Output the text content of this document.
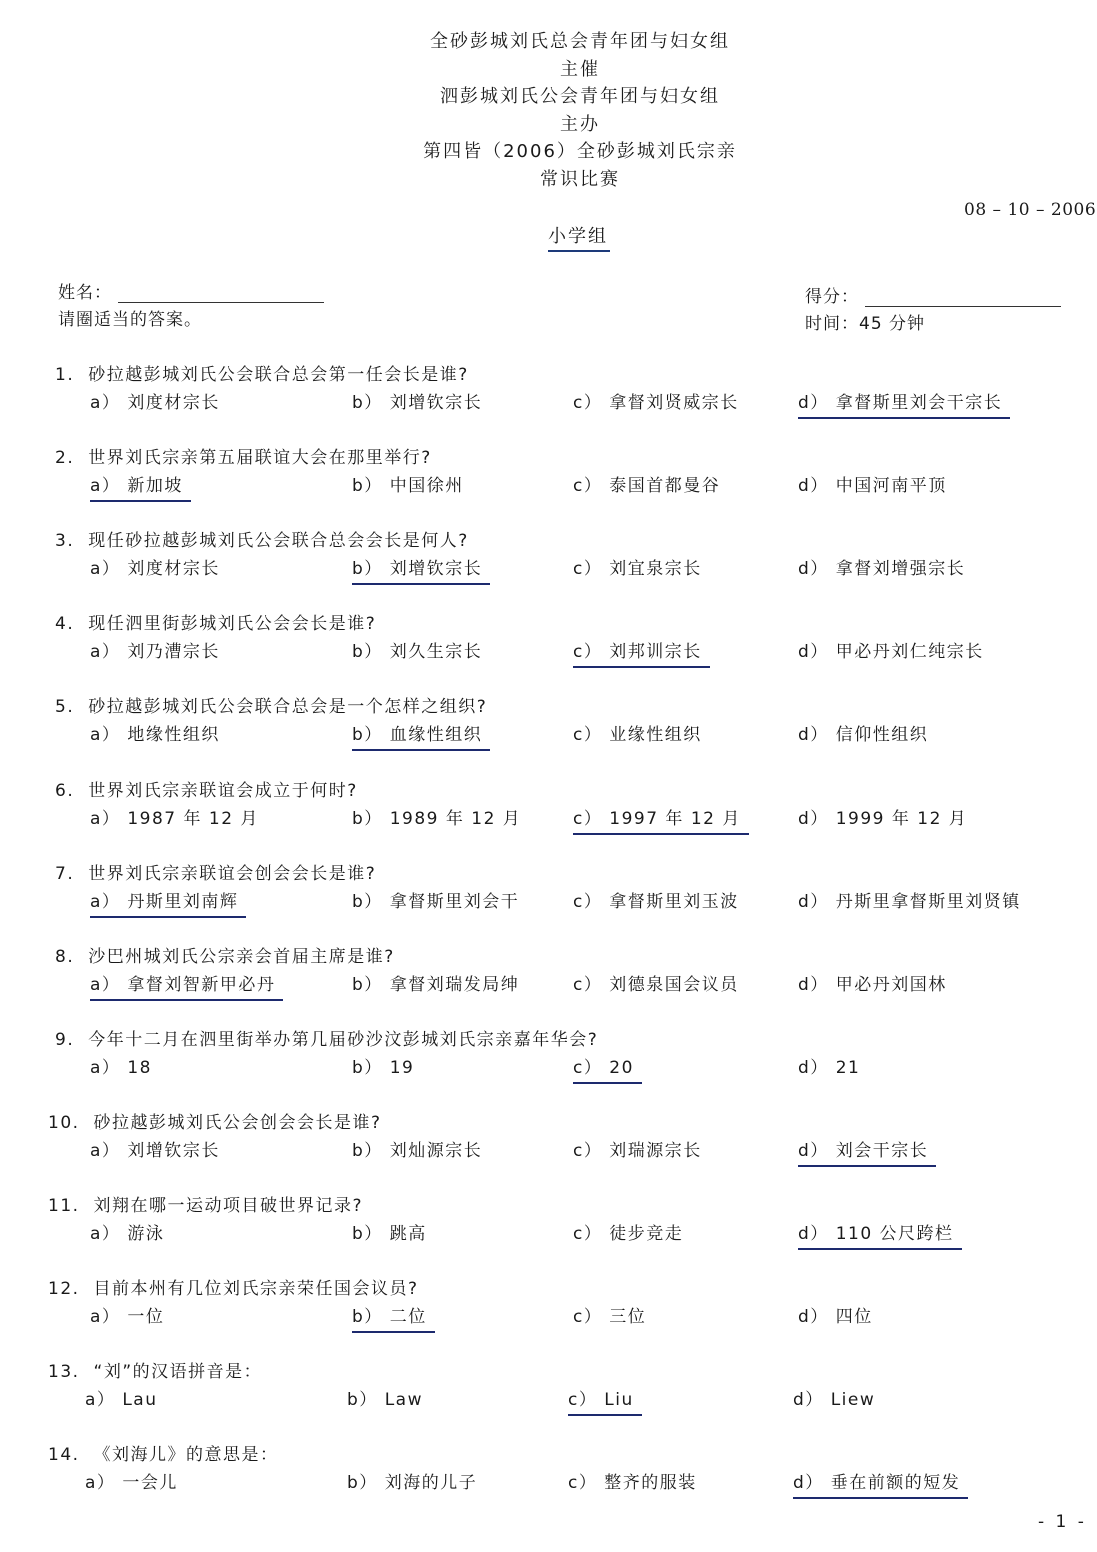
全砂彭城刘氏总会青年团与妇女组
主催
泗彭城刘氏公会青年团与妇女组
主办
第四皆（2006）全砂彭城刘氏宗亲
常识比赛
08 – 10 – 2006
小学组
姓名：
请圈适当的答案。
得分：
时间：45 分钟
1. 砂拉越彭城刘氏公会联合总会第一任会长是谁?
a） 刘度材宗长	b） 刘增钦宗长	c） 拿督刘贤威宗长	d） 拿督斯里刘会干宗长
2. 世界刘氏宗亲第五届联谊大会在那里举行?
a） 新加坡	b） 中国徐州	c） 泰国首都曼谷	d） 中国河南平顶
3. 现任砂拉越彭城刘氏公会联合总会会长是何人?
a） 刘度材宗长	b） 刘增钦宗长	c） 刘宜泉宗长	d） 拿督刘增强宗长
4. 现任泗里街彭城刘氏公会会长是谁?
a） 刘乃漕宗长	b） 刘久生宗长	c） 刘邦训宗长	d） 甲必丹刘仁纯宗长
5. 砂拉越彭城刘氏公会联合总会是一个怎样之组织?
a） 地缘性组织	b） 血缘性组织	c） 业缘性组织	d） 信仰性组织
6. 世界刘氏宗亲联谊会成立于何时?
a） 1987 年 12 月	b） 1989 年 12 月	c） 1997 年 12 月	d） 1999 年 12 月
7. 世界刘氏宗亲联谊会创会会长是谁?
a） 丹斯里刘南辉	b） 拿督斯里刘会干	c） 拿督斯里刘玉波	d） 丹斯里拿督斯里刘贤镇
8. 沙巴州城刘氏公宗亲会首届主席是谁?
a） 拿督刘智新甲必丹	b） 拿督刘瑞发局绅	c） 刘德泉国会议员	d） 甲必丹刘国林
9. 今年十二月在泗里街举办第几届砂沙汶彭城刘氏宗亲嘉年华会?
a） 18	b） 19	c） 20	d） 21
10. 砂拉越彭城刘氏公会创会会长是谁?
a） 刘增钦宗长	b） 刘灿源宗长	c） 刘瑞源宗长	d） 刘会干宗长
11. 刘翔在哪一运动项目破世界记录?
a） 游泳	b） 跳高	c） 徒步竞走	d） 110 公尺跨栏
12. 目前本州有几位刘氏宗亲荣任国会议员?
a） 一位	b） 二位	c） 三位	d） 四位
13. “刘”的汉语拼音是：
a） Lau	b） Law	c） Liu	d） Liew
14. 《刘海儿》的意思是：
a） 一会儿	b） 刘海的儿子	c） 整齐的服装	d） 垂在前额的短发
- 1 -
